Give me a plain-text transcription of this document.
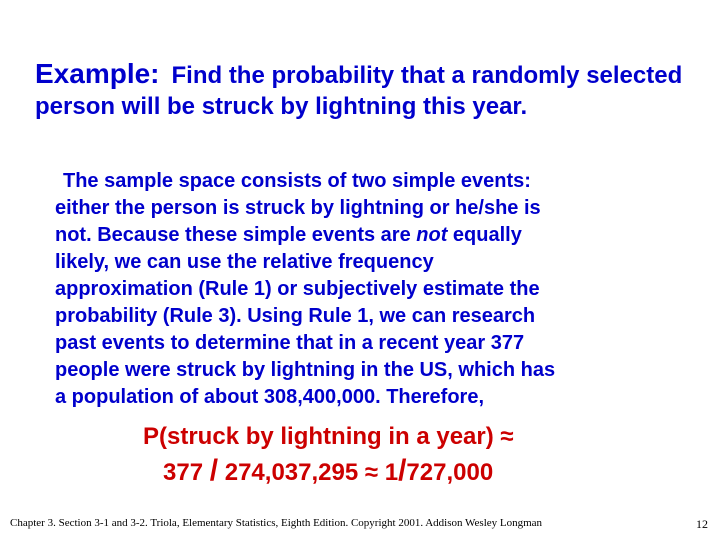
Example: Find the probability that a randomly selected person will be struck by lightning this year.

The sample space consists of two simple events:
either the person is struck by lightning or he/she is
not. Because these simple events are not equally
likely, we can use the relative frequency
approximation (Rule 1) or subjectively estimate the
probability (Rule 3). Using Rule 1, we can research
past events to determine that in a recent year 377
people were struck by lightning in the US, which has
a population of about 308,400,000. Therefore,

P(struck by lightning in a year) ≈
377 / 274,037,295 ≈ 1/727,000

Chapter 3. Section 3-1 and 3-2. Triola, Elementary Statistics, Eighth Edition. Copyright 2001. Addison Wesley Longman	12
